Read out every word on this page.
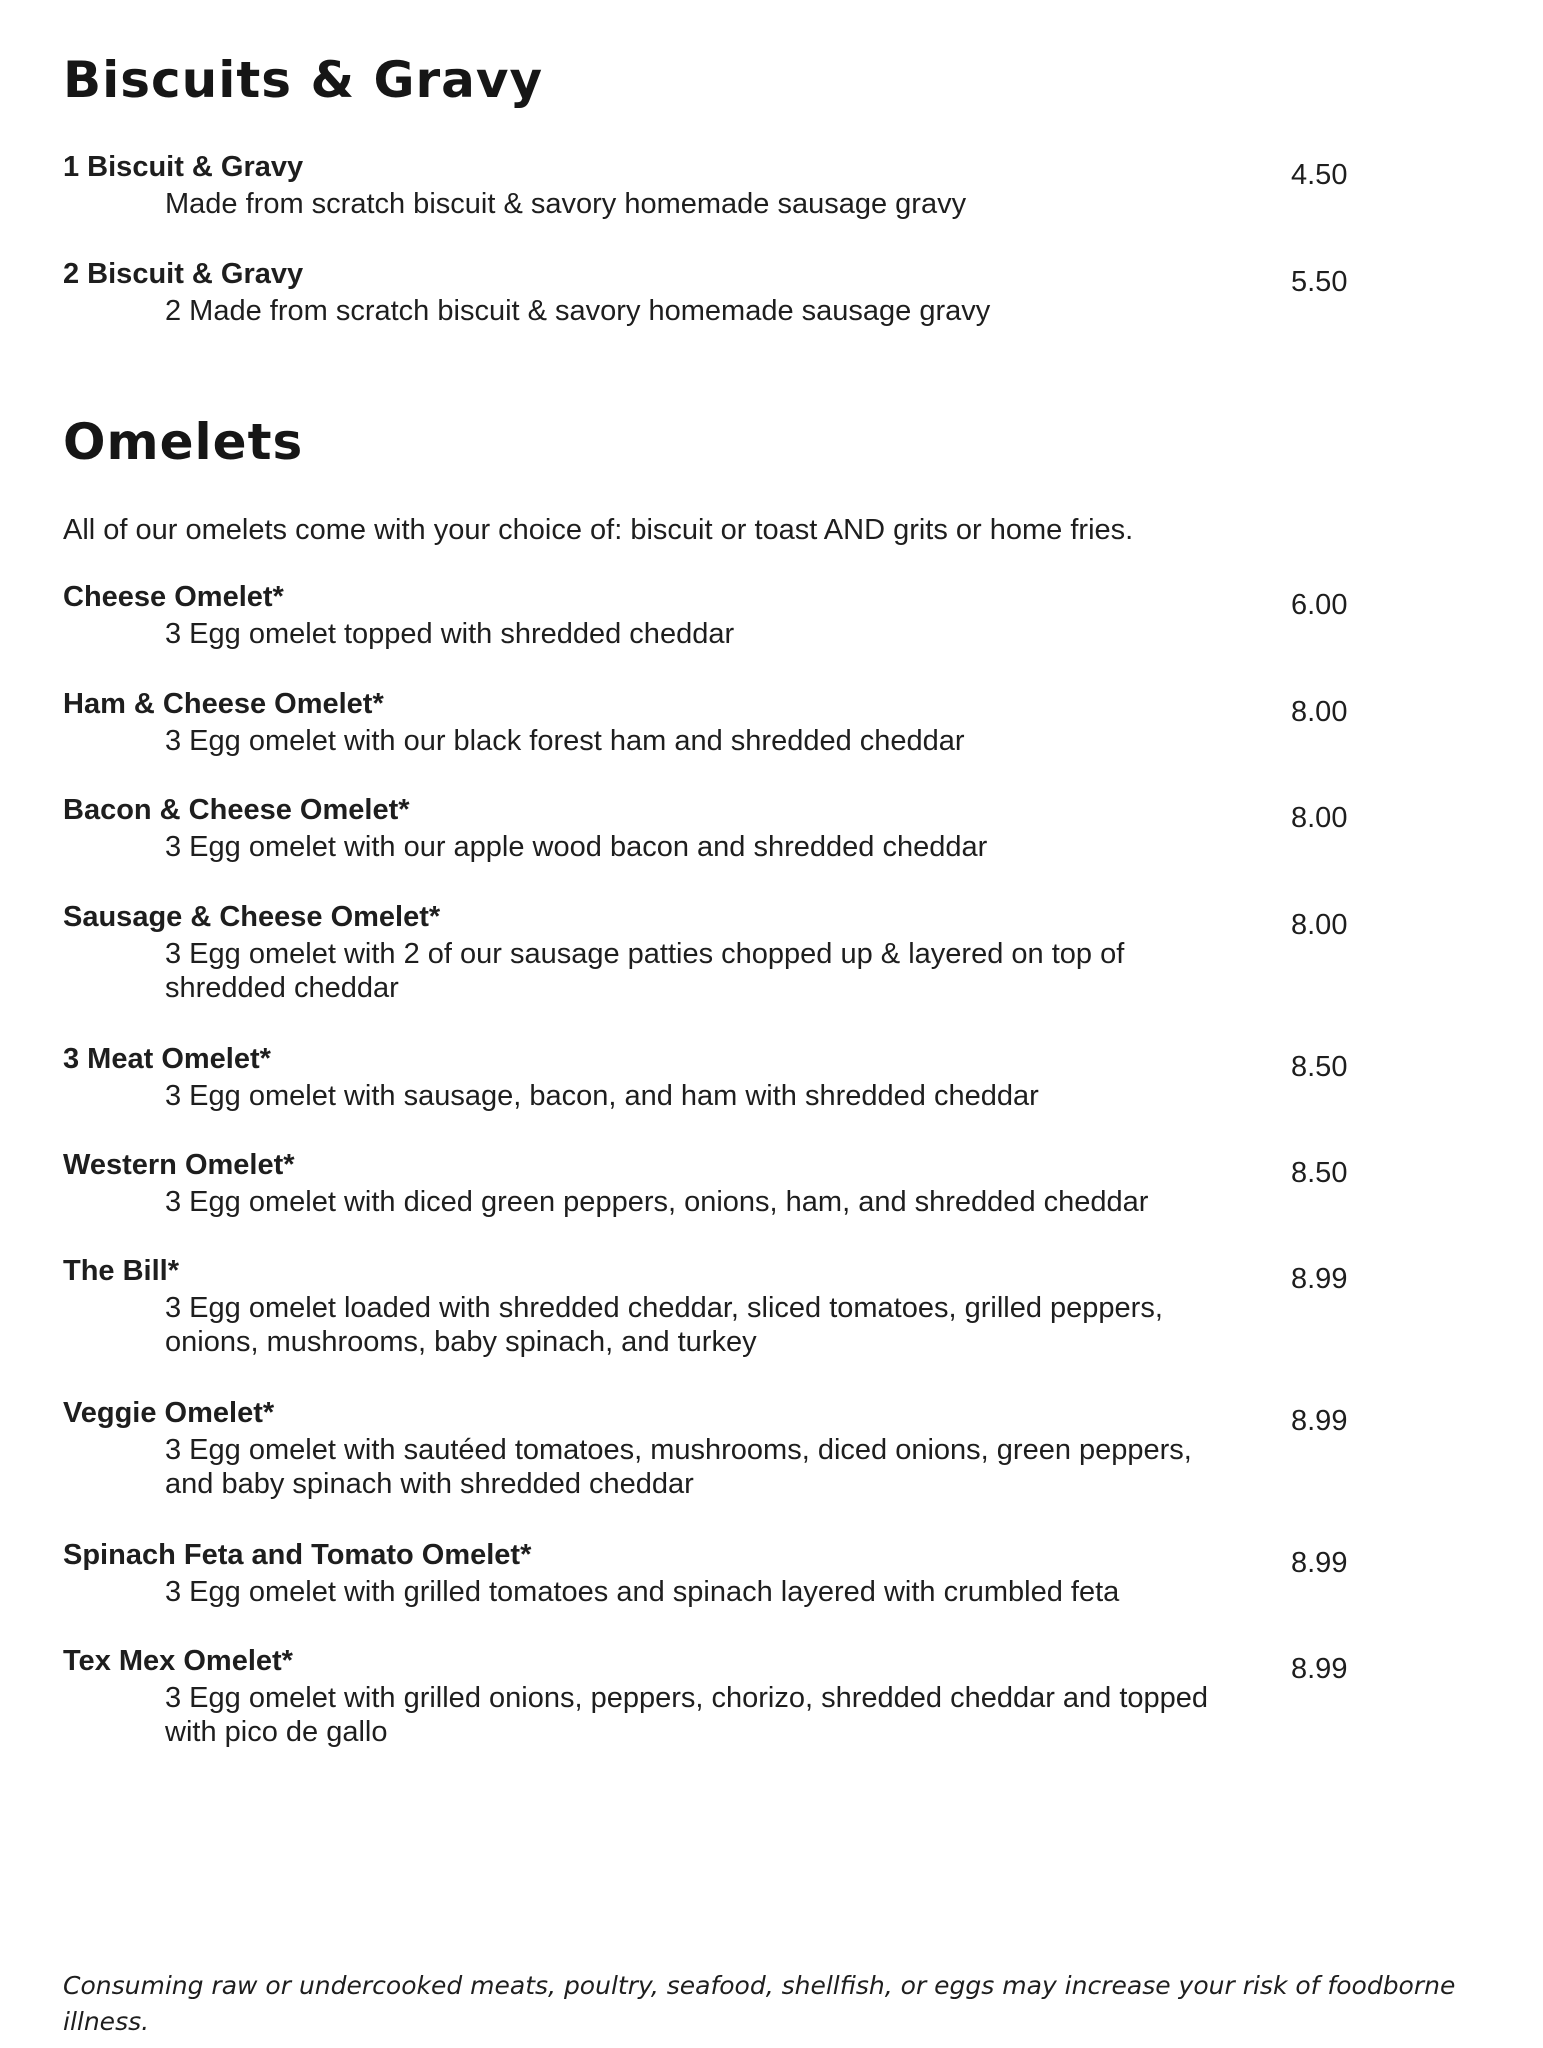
Biscuits & Gravy
1 Biscuit & Gravy	4.50
Made from scratch biscuit & savory homemade sausage gravy
2 Biscuit & Gravy	5.50
2 Made from scratch biscuit & savory homemade sausage gravy
Omelets

All of our omelets come with your choice of: biscuit or toast AND grits or home fries.

Cheese Omelet*	6.00
3 Egg omelet topped with shredded cheddar
Ham & Cheese Omelet*	8.00
3 Egg omelet with our black forest ham and shredded cheddar
Bacon & Cheese Omelet*	8.00
3 Egg omelet with our apple wood bacon and shredded cheddar
Sausage & Cheese Omelet*	8.00
3 Egg omelet with 2 of our sausage patties chopped up & layered on top of shredded cheddar
3 Meat Omelet*	8.50
3 Egg omelet with sausage, bacon, and ham with shredded cheddar
Western Omelet*	8.50
3 Egg omelet with diced green peppers, onions, ham, and shredded cheddar
The Bill*	8.99
3 Egg omelet loaded with shredded cheddar, sliced tomatoes, grilled peppers, onions, mushrooms, baby spinach, and turkey
Veggie Omelet*	8.99
3 Egg omelet with sautéed tomatoes, mushrooms, diced onions, green peppers, and baby spinach with shredded cheddar
Spinach Feta and Tomato Omelet*	8.99
3 Egg omelet with grilled tomatoes and spinach layered with crumbled feta
Tex Mex Omelet*	8.99
3 Egg omelet with grilled onions, peppers, chorizo, shredded cheddar and topped with pico de gallo

Consuming raw or undercooked meats, poultry, seafood, shellfish, or eggs may increase your risk of foodborne illness.
